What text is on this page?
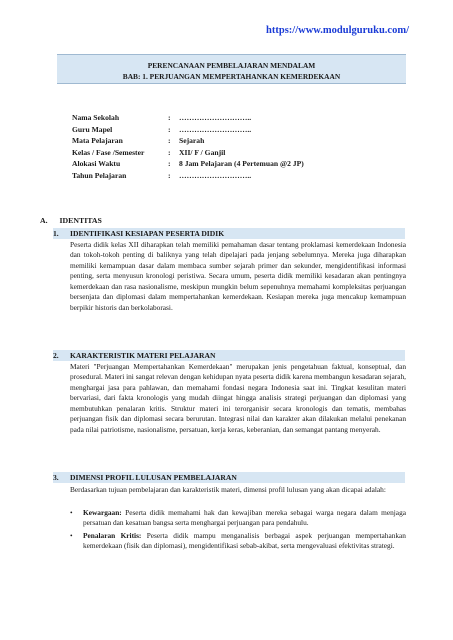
https://www.modulguruku.com/
PERENCANAAN PEMBELAJARAN MENDALAM
BAB: 1. PERJUANGAN MEMPERTAHANKAN KEMERDEKAAN
Nama Sekolah	:	………………………..
Guru Mapel	:	………………………..
Mata Pelajaran	:	Sejarah
Kelas / Fase /Semester	:	XII/ F / Ganjil
Alokasi Waktu	:	8 Jam Pelajaran (4 Pertemuan @2 JP)
Tahun Pelajaran	:	………………………..
A. IDENTITAS
1. IDENTIFIKASI KESIAPAN PESERTA DIDIK
Peserta didik kelas XII diharapkan telah memiliki pemahaman dasar tentang proklamasi kemerdekaan Indonesia dan tokoh-tokoh penting di baliknya yang telah dipelajari pada jenjang sebelumnya. Mereka juga diharapkan memiliki kemampuan dasar dalam membaca sumber sejarah primer dan sekunder, mengidentifikasi informasi penting, serta menyusun kronologi peristiwa. Secara umum, peserta didik memiliki kesadaran akan pentingnya kemerdekaan dan rasa nasionalisme, meskipun mungkin belum sepenuhnya memahami kompleksitas perjuangan bersenjata dan diplomasi dalam mempertahankan kemerdekaan. Kesiapan mereka juga mencakup kemampuan berpikir historis dan berkolaborasi.
2. KARAKTERISTIK MATERI PELAJARAN
Materi "Perjuangan Mempertahankan Kemerdekaan" merupakan jenis pengetahuan faktual, konseptual, dan prosedural. Materi ini sangat relevan dengan kehidupan nyata peserta didik karena membangun kesadaran sejarah, menghargai jasa para pahlawan, dan memahami fondasi negara Indonesia saat ini. Tingkat kesulitan materi bervariasi, dari fakta kronologis yang mudah diingat hingga analisis strategi perjuangan dan diplomasi yang membutuhkan penalaran kritis. Struktur materi ini terorganisir secara kronologis dan tematis, membahas perjuangan fisik dan diplomasi secara berurutan. Integrasi nilai dan karakter akan dilakukan melalui penekanan pada nilai patriotisme, nasionalisme, persatuan, kerja keras, keberanian, dan semangat pantang menyerah.
3. DIMENSI PROFIL LULUSAN PEMBELAJARAN
Berdasarkan tujuan pembelajaran dan karakteristik materi, dimensi profil lulusan yang akan dicapai adalah:
• Kewargaan: Peserta didik memahami hak dan kewajiban mereka sebagai warga negara dalam menjaga persatuan dan kesatuan bangsa serta menghargai perjuangan para pendahulu.
• Penalaran Kritis: Peserta didik mampu menganalisis berbagai aspek perjuangan mempertahankan kemerdekaan (fisik dan diplomasi), mengidentifikasi sebab-akibat, serta mengevaluasi efektivitas strategi.
